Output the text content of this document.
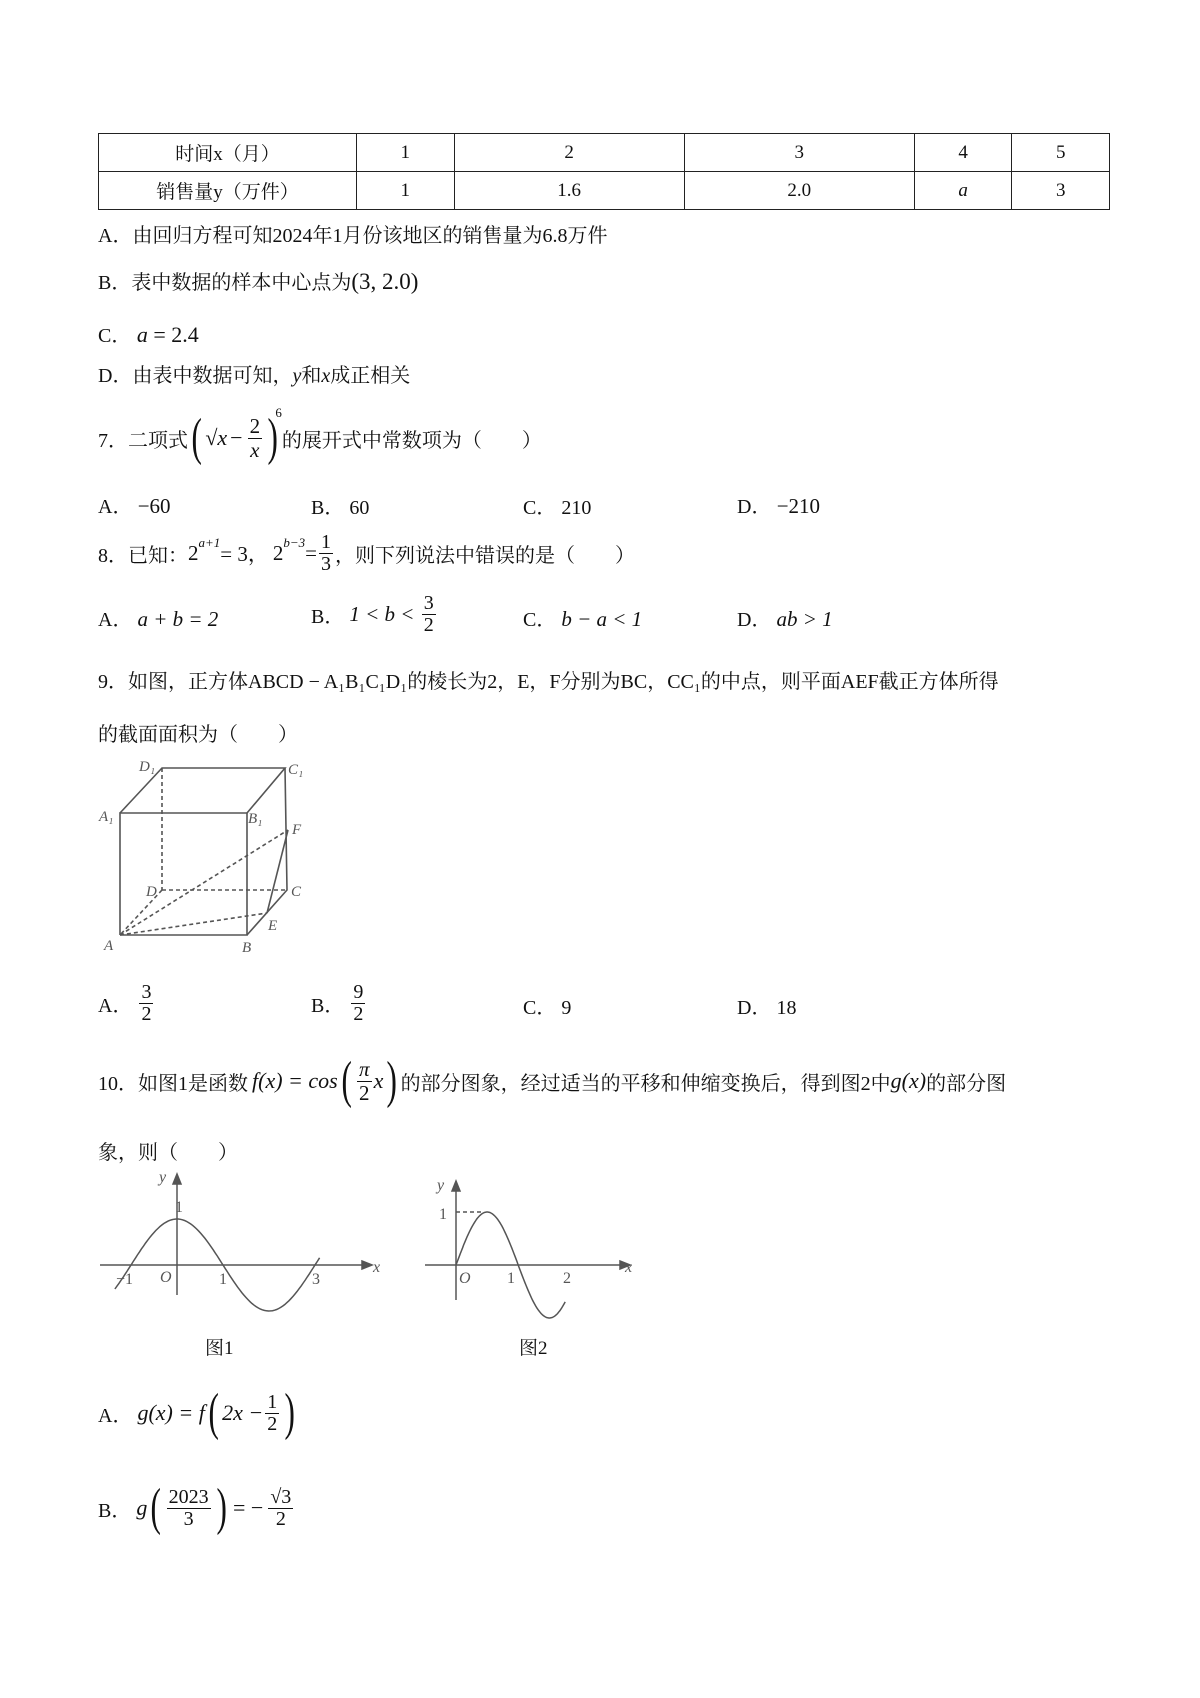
时间x（月）	1	2	3	4	5
销售量y（万件）	1	1.6	2.0	a	3
A．由回归方程可知2024年1月份该地区的销售量为6.8万件
B．表中数据的样本中心点为(3, 2.0)
C． a = 2.4
D．由表中数据可知，y和x成正相关
7． 二项式 ( $√x - \frac{2}{x}$ )
6
的展开式中常数项为（　　）
A． −60	B． 60	C． 210	D． −210
8． 已知： 2 a+1 = 3， 2 $b-3 = \frac{1}{3}$ ，则下列说法中错误的是（　　）
A． a + b = 2	B．
$1 < b < \frac{3}{2}$	C． b − a < 1	D． ab > 1
9．如图，正方体ABCD − A₁B₁C₁D₁的棱长为2，E，F分别为BC，CC₁的中点，则平面AEF截正方体所得
的截面面积为（　　）
A	B
C
D
A₁	B₁
C₁
D₁
E
F
A．
$\frac{3}{2}$	B．
$\frac{9}{2}$	C． 9	D． 18
10． 如图1是函数 f(x) = cos ( $\frac{\pi}{2}$ x ) 的部分图象，经过适当的平移和伸缩变换后，得到图2中 g(x) 的部分图
象，则（　　）
y
x
O
−1	1	3
1
y
x
O 1	2
1
图1	图2
A．
g(x) = f ( $2x - \frac{1}{2}$ )
B．
g ( $\frac{2023}{3}$ ) = − $\frac{√3}{2}$
